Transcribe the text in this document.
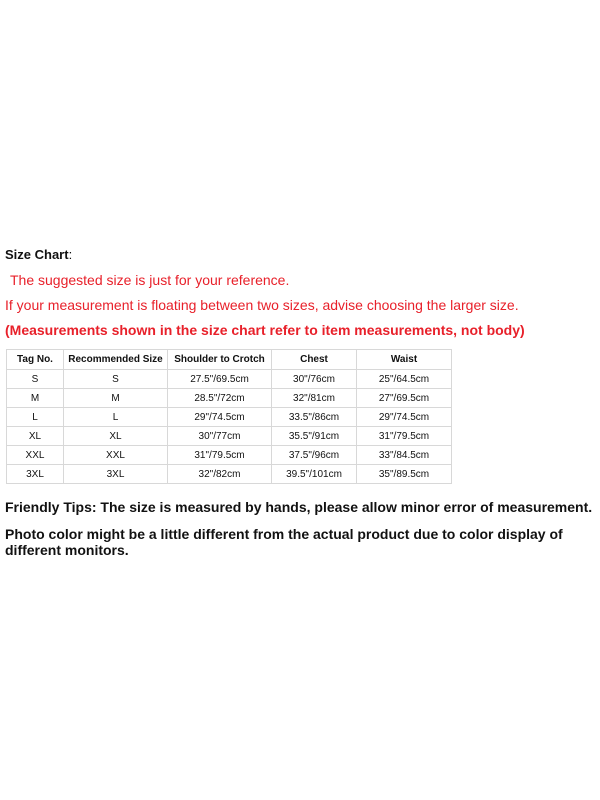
Size Chart:
The suggested size is just for your reference.
If your measurement is floating between two sizes, advise choosing the larger size.
(Measurements shown in the size chart refer to item measurements, not body)
Tag No.	Recommended Size	Shoulder to Crotch	Chest	Waist
S	S	27.5"/69.5cm	30"/76cm	25"/64.5cm
M	M	28.5"/72cm	32"/81cm	27"/69.5cm
L	L	29"/74.5cm	33.5"/86cm	29"/74.5cm
XL	XL	30"/77cm	35.5"/91cm	31"/79.5cm
XXL	XXL	31"/79.5cm	37.5"/96cm	33"/84.5cm
3XL	3XL	32"/82cm	39.5"/101cm	35"/89.5cm
Friendly Tips: The size is measured by hands, please allow minor error of measurement.
Photo color might be a little different from the actual product due to color display of different monitors.
